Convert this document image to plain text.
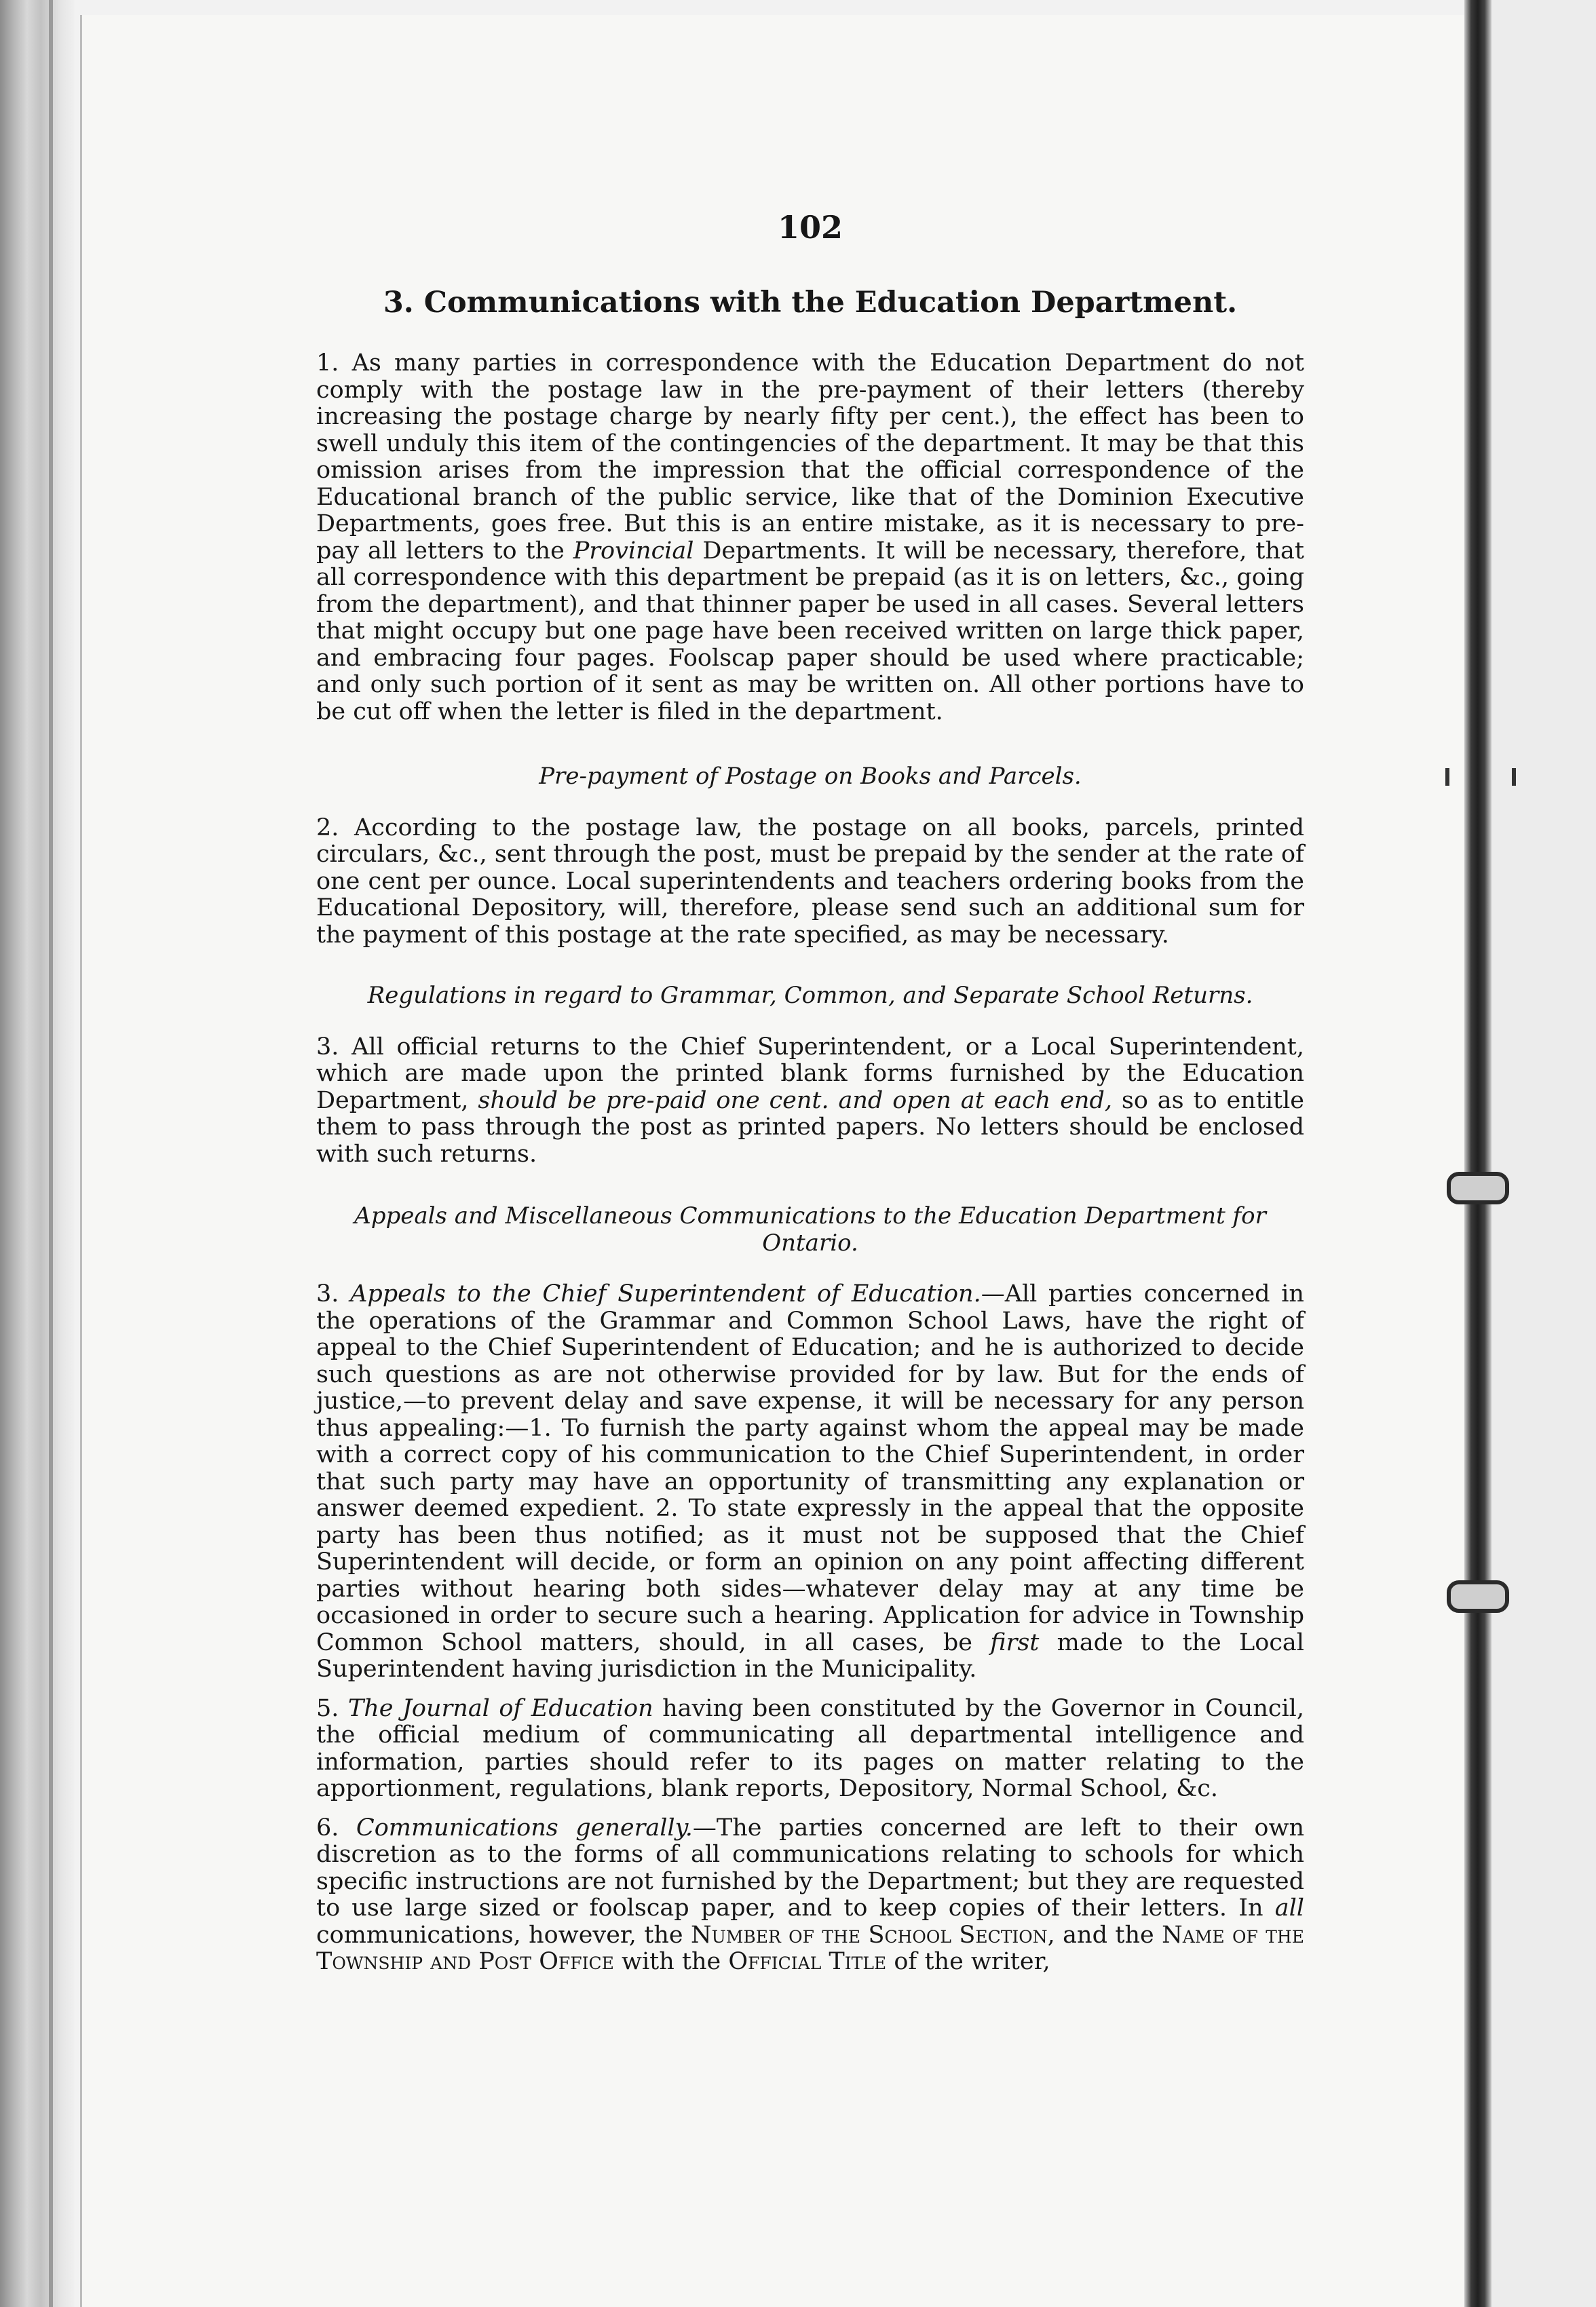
102

3. Communications with the Education Department.

1. As many parties in correspondence with the Education Department do not comply with the postage law in the pre-payment of their letters (thereby increasing the postage charge by nearly fifty per cent.), the effect has been to swell unduly this item of the contingencies of the department. It may be that this omission arises from the impression that the official correspondence of the Educational branch of the public service, like that of the Dominion Executive Departments, goes free. But this is an entire mistake, as it is necessary to pre-pay all letters to the Provincial Departments. It will be necessary, therefore, that all correspondence with this department be prepaid (as it is on letters, &c., going from the department), and that thinner paper be used in all cases. Several letters that might occupy but one page have been received written on large thick paper, and embracing four pages. Foolscap paper should be used where practicable; and only such portion of it sent as may be written on. All other portions have to be cut off when the letter is filed in the department.

Pre-payment of Postage on Books and Parcels.

2. According to the postage law, the postage on all books, parcels, printed circulars, &c., sent through the post, must be prepaid by the sender at the rate of one cent per ounce. Local superintendents and teachers ordering books from the Educational Depository, will, therefore, please send such an additional sum for the payment of this postage at the rate specified, as may be necessary.

Regulations in regard to Grammar, Common, and Separate School Returns.

3. All official returns to the Chief Superintendent, or a Local Superintendent, which are made upon the printed blank forms furnished by the Education Department, should be pre-paid one cent. and open at each end, so as to entitle them to pass through the post as printed papers. No letters should be enclosed with such returns.

Appeals and Miscellaneous Communications to the Education Department for Ontario.

3. Appeals to the Chief Superintendent of Education.—All parties concerned in the operations of the Grammar and Common School Laws, have the right of appeal to the Chief Superintendent of Education; and he is authorized to decide such questions as are not otherwise provided for by law. But for the ends of justice,—to prevent delay and save expense, it will be necessary for any person thus appealing:—1. To furnish the party against whom the appeal may be made with a correct copy of his communication to the Chief Superintendent, in order that such party may have an opportunity of transmitting any explanation or answer deemed expedient. 2. To state expressly in the appeal that the opposite party has been thus notified; as it must not be supposed that the Chief Superintendent will decide, or form an opinion on any point affecting different parties without hearing both sides—whatever delay may at any time be occasioned in order to secure such a hearing. Application for advice in Township Common School matters, should, in all cases, be first made to the Local Superintendent having jurisdiction in the Municipality.

5. The Journal of Education having been constituted by the Governor in Council, the official medium of communicating all departmental intelligence and information, parties should refer to its pages on matter relating to the apportionment, regulations, blank reports, Depository, Normal School, &c.

6. Communications generally.—The parties concerned are left to their own discretion as to the forms of all communications relating to schools for which specific instructions are not furnished by the Department; but they are requested to use large sized or foolscap paper, and to keep copies of their letters. In all communications, however, the Number of the School Section, and the Name of the Township and Post Office with the Official Title of the writer,
